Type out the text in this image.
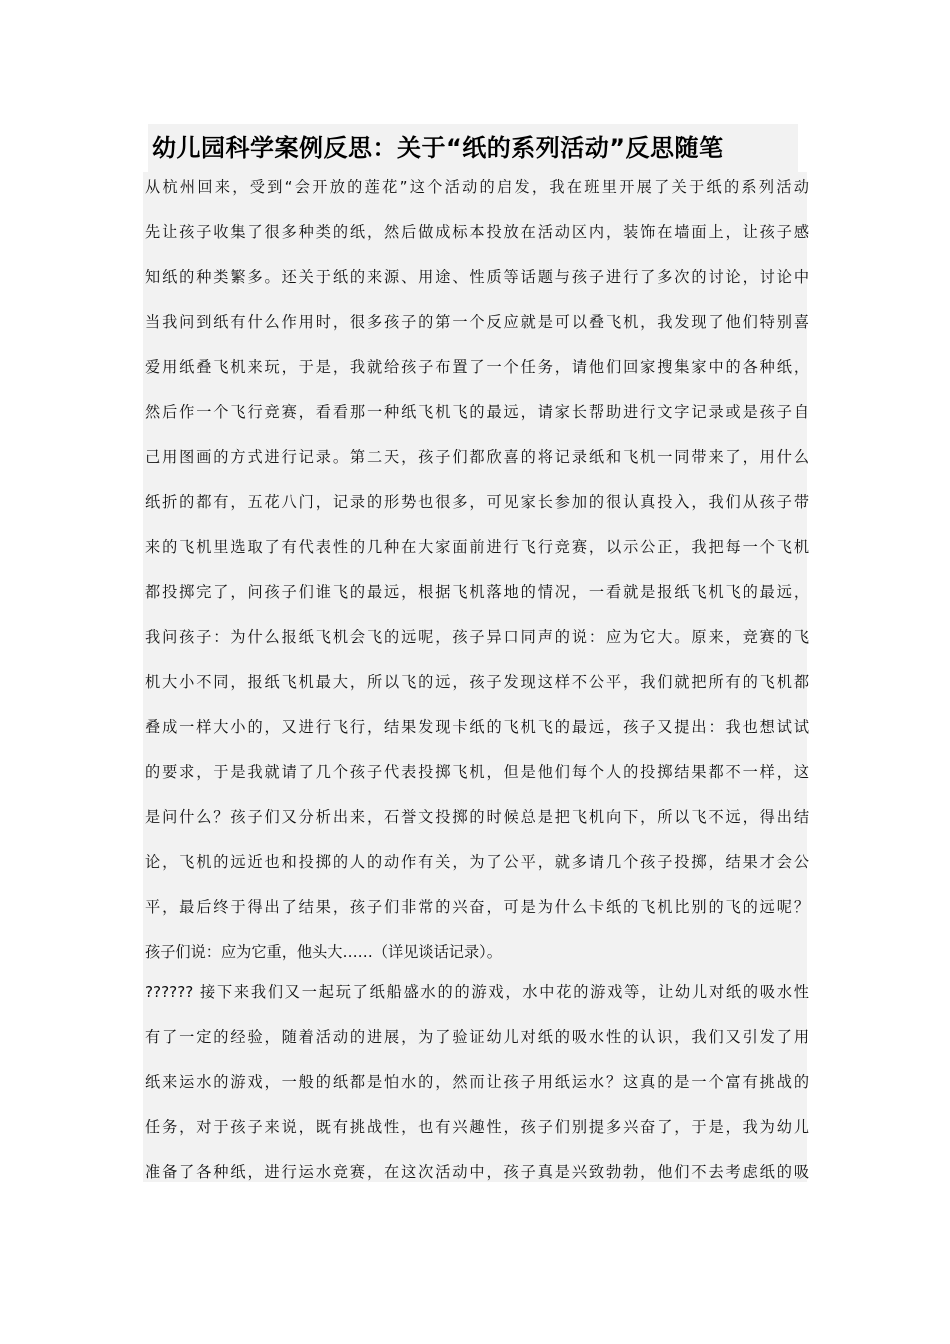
幼儿园科学案例反思：关于“纸的系列活动”反思随笔
从杭州回来，受到“会开放的莲花”这个活动的启发，我在班里开展了关于纸的系列活动
先让孩子收集了很多种类的纸，然后做成标本投放在活动区内，装饰在墙面上，让孩子感
知纸的种类繁多。还关于纸的来源、用途、性质等话题与孩子进行了多次的讨论，讨论中
当我问到纸有什么作用时，很多孩子的第一个反应就是可以叠飞机，我发现了他们特别喜
爱用纸叠飞机来玩，于是，我就给孩子布置了一个任务，请他们回家搜集家中的各种纸，
然后作一个飞行竞赛，看看那一种纸飞机飞的最远，请家长帮助进行文字记录或是孩子自
己用图画的方式进行记录。第二天，孩子们都欣喜的将记录纸和飞机一同带来了，用什么
纸折的都有，五花八门，记录的形势也很多，可见家长参加的很认真投入，我们从孩子带
来的飞机里选取了有代表性的几种在大家面前进行飞行竞赛，以示公正，我把每一个飞机
都投掷完了，问孩子们谁飞的最远，根据飞机落地的情况，一看就是报纸飞机飞的最远，
我问孩子：为什么报纸飞机会飞的远呢，孩子异口同声的说：应为它大。原来，竞赛的飞
机大小不同，报纸飞机最大，所以飞的远，孩子发现这样不公平，我们就把所有的飞机都
叠成一样大小的，又进行飞行，结果发现卡纸的飞机飞的最远，孩子又提出：我也想试试
的要求，于是我就请了几个孩子代表投掷飞机，但是他们每个人的投掷结果都不一样，这
是问什么？孩子们又分析出来，石誉文投掷的时候总是把飞机向下，所以飞不远，得出结
论，飞机的远近也和投掷的人的动作有关，为了公平，就多请几个孩子投掷，结果才会公
平，最后终于得出了结果，孩子们非常的兴奋，可是为什么卡纸的飞机比别的飞的远呢？
孩子们说：应为它重，他头大……（详见谈话记录）。
?????? 接下来我们又一起玩了纸船盛水的的游戏，水中花的游戏等，让幼儿对纸的吸水性
有了一定的经验，随着活动的进展，为了验证幼儿对纸的吸水性的认识，我们又引发了用
纸来运水的游戏，一般的纸都是怕水的，然而让孩子用纸运水？这真的是一个富有挑战的
任务，对于孩子来说，既有挑战性，也有兴趣性，孩子们别提多兴奋了，于是，我为幼儿
准备了各种纸，进行运水竞赛，在这次活动中，孩子真是兴致勃勃，他们不去考虑纸的吸
